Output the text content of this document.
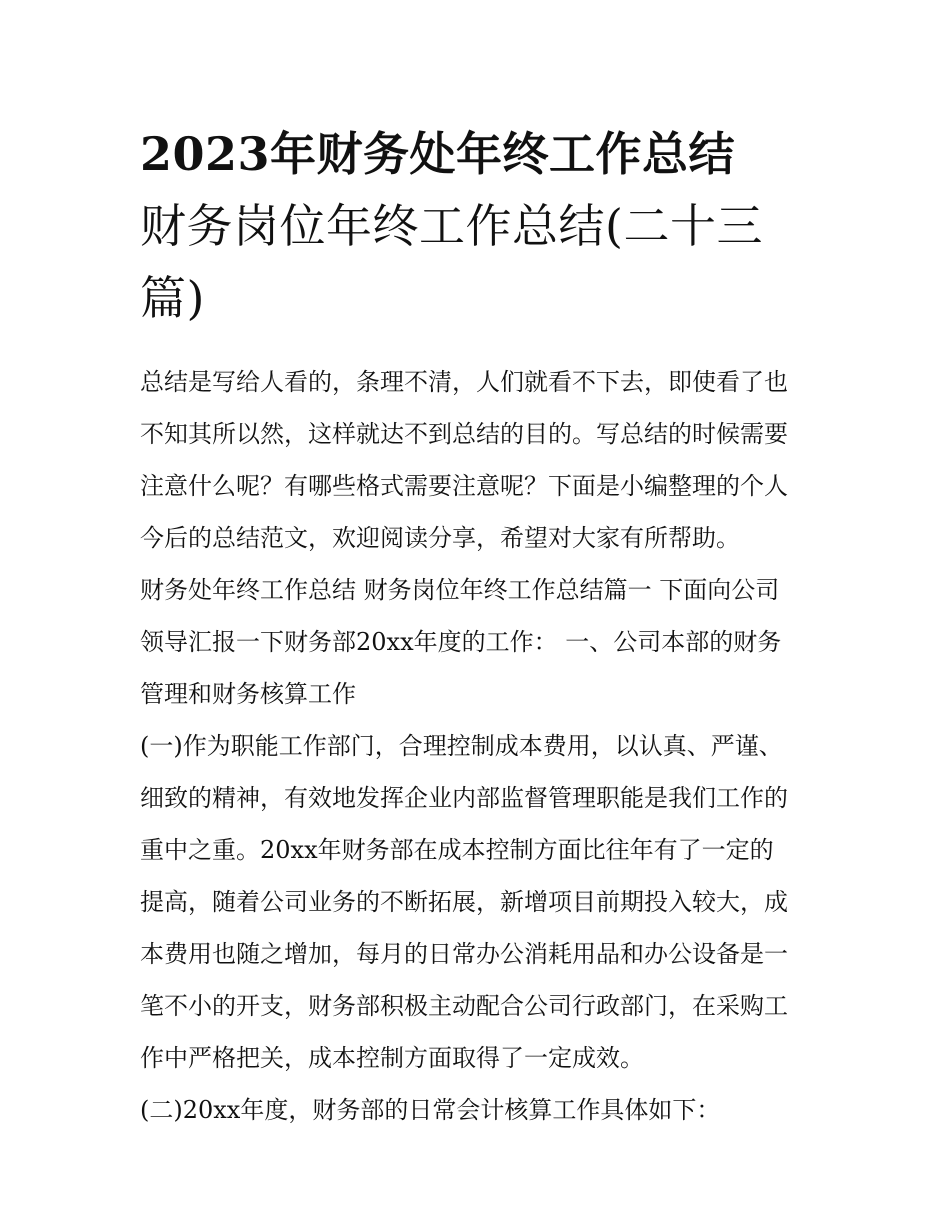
2023年财务处年终工作总结
财务岗位年终工作总结(二十三
篇)

总结是写给人看的，条理不清，人们就看不下去，即使看了也
不知其所以然，这样就达不到总结的目的。写总结的时候需要
注意什么呢？有哪些格式需要注意呢？下面是小编整理的个人
今后的总结范文，欢迎阅读分享，希望对大家有所帮助。

财务处年终工作总结 财务岗位年终工作总结篇一 下面向公司
领导汇报一下财务部20xx年度的工作： 一、公司本部的财务
管理和财务核算工作

(一)作为职能工作部门，合理控制成本费用，以认真、严谨、
细致的精神，有效地发挥企业内部监督管理职能是我们工作的
重中之重。20xx年财务部在成本控制方面比往年有了一定的
提高，随着公司业务的不断拓展，新增项目前期投入较大，成
本费用也随之增加，每月的日常办公消耗用品和办公设备是一
笔不小的开支，财务部积极主动配合公司行政部门，在采购工
作中严格把关，成本控制方面取得了一定成效。

(二)20xx年度，财务部的日常会计核算工作具体如下：
